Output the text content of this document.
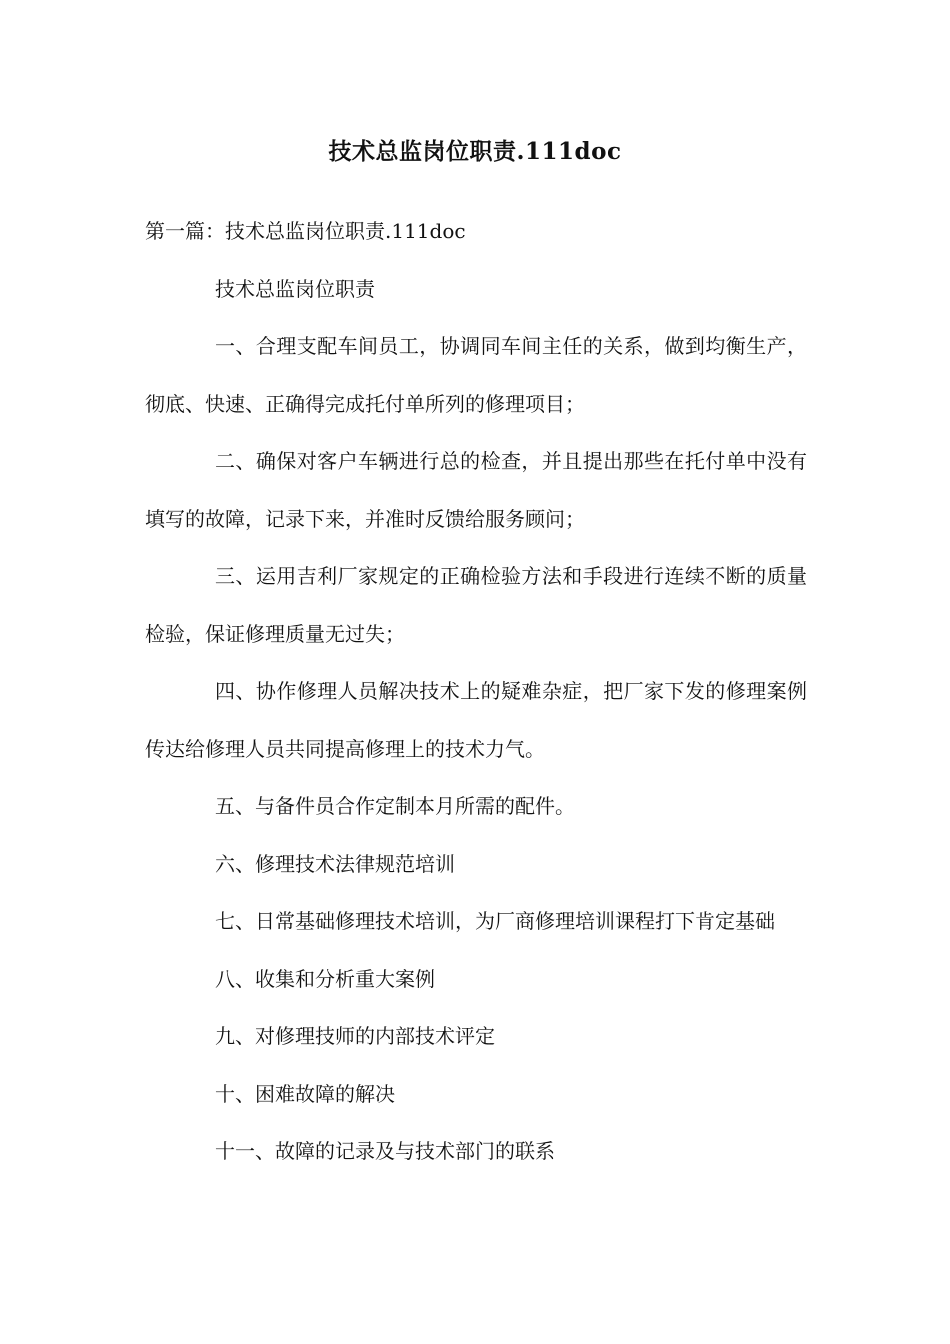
技术总监岗位职责.111doc

第一篇：技术总监岗位职责.111doc

技术总监岗位职责

一、合理支配车间员工，协调同车间主任的关系，做到均衡生产，彻底、快速、正确得完成托付单所列的修理项目；

二、确保对客户车辆进行总的检查，并且提出那些在托付单中没有填写的故障，记录下来，并准时反馈给服务顾问；

三、运用吉利厂家规定的正确检验方法和手段进行连续不断的质量检验，保证修理质量无过失；

四、协作修理人员解决技术上的疑难杂症，把厂家下发的修理案例传达给修理人员共同提高修理上的技术力气。

五、与备件员合作定制本月所需的配件。

六、修理技术法律规范培训

七、日常基础修理技术培训，为厂商修理培训课程打下肯定基础

八、收集和分析重大案例

九、对修理技师的内部技术评定

十、困难故障的解决

十一、故障的记录及与技术部门的联系
